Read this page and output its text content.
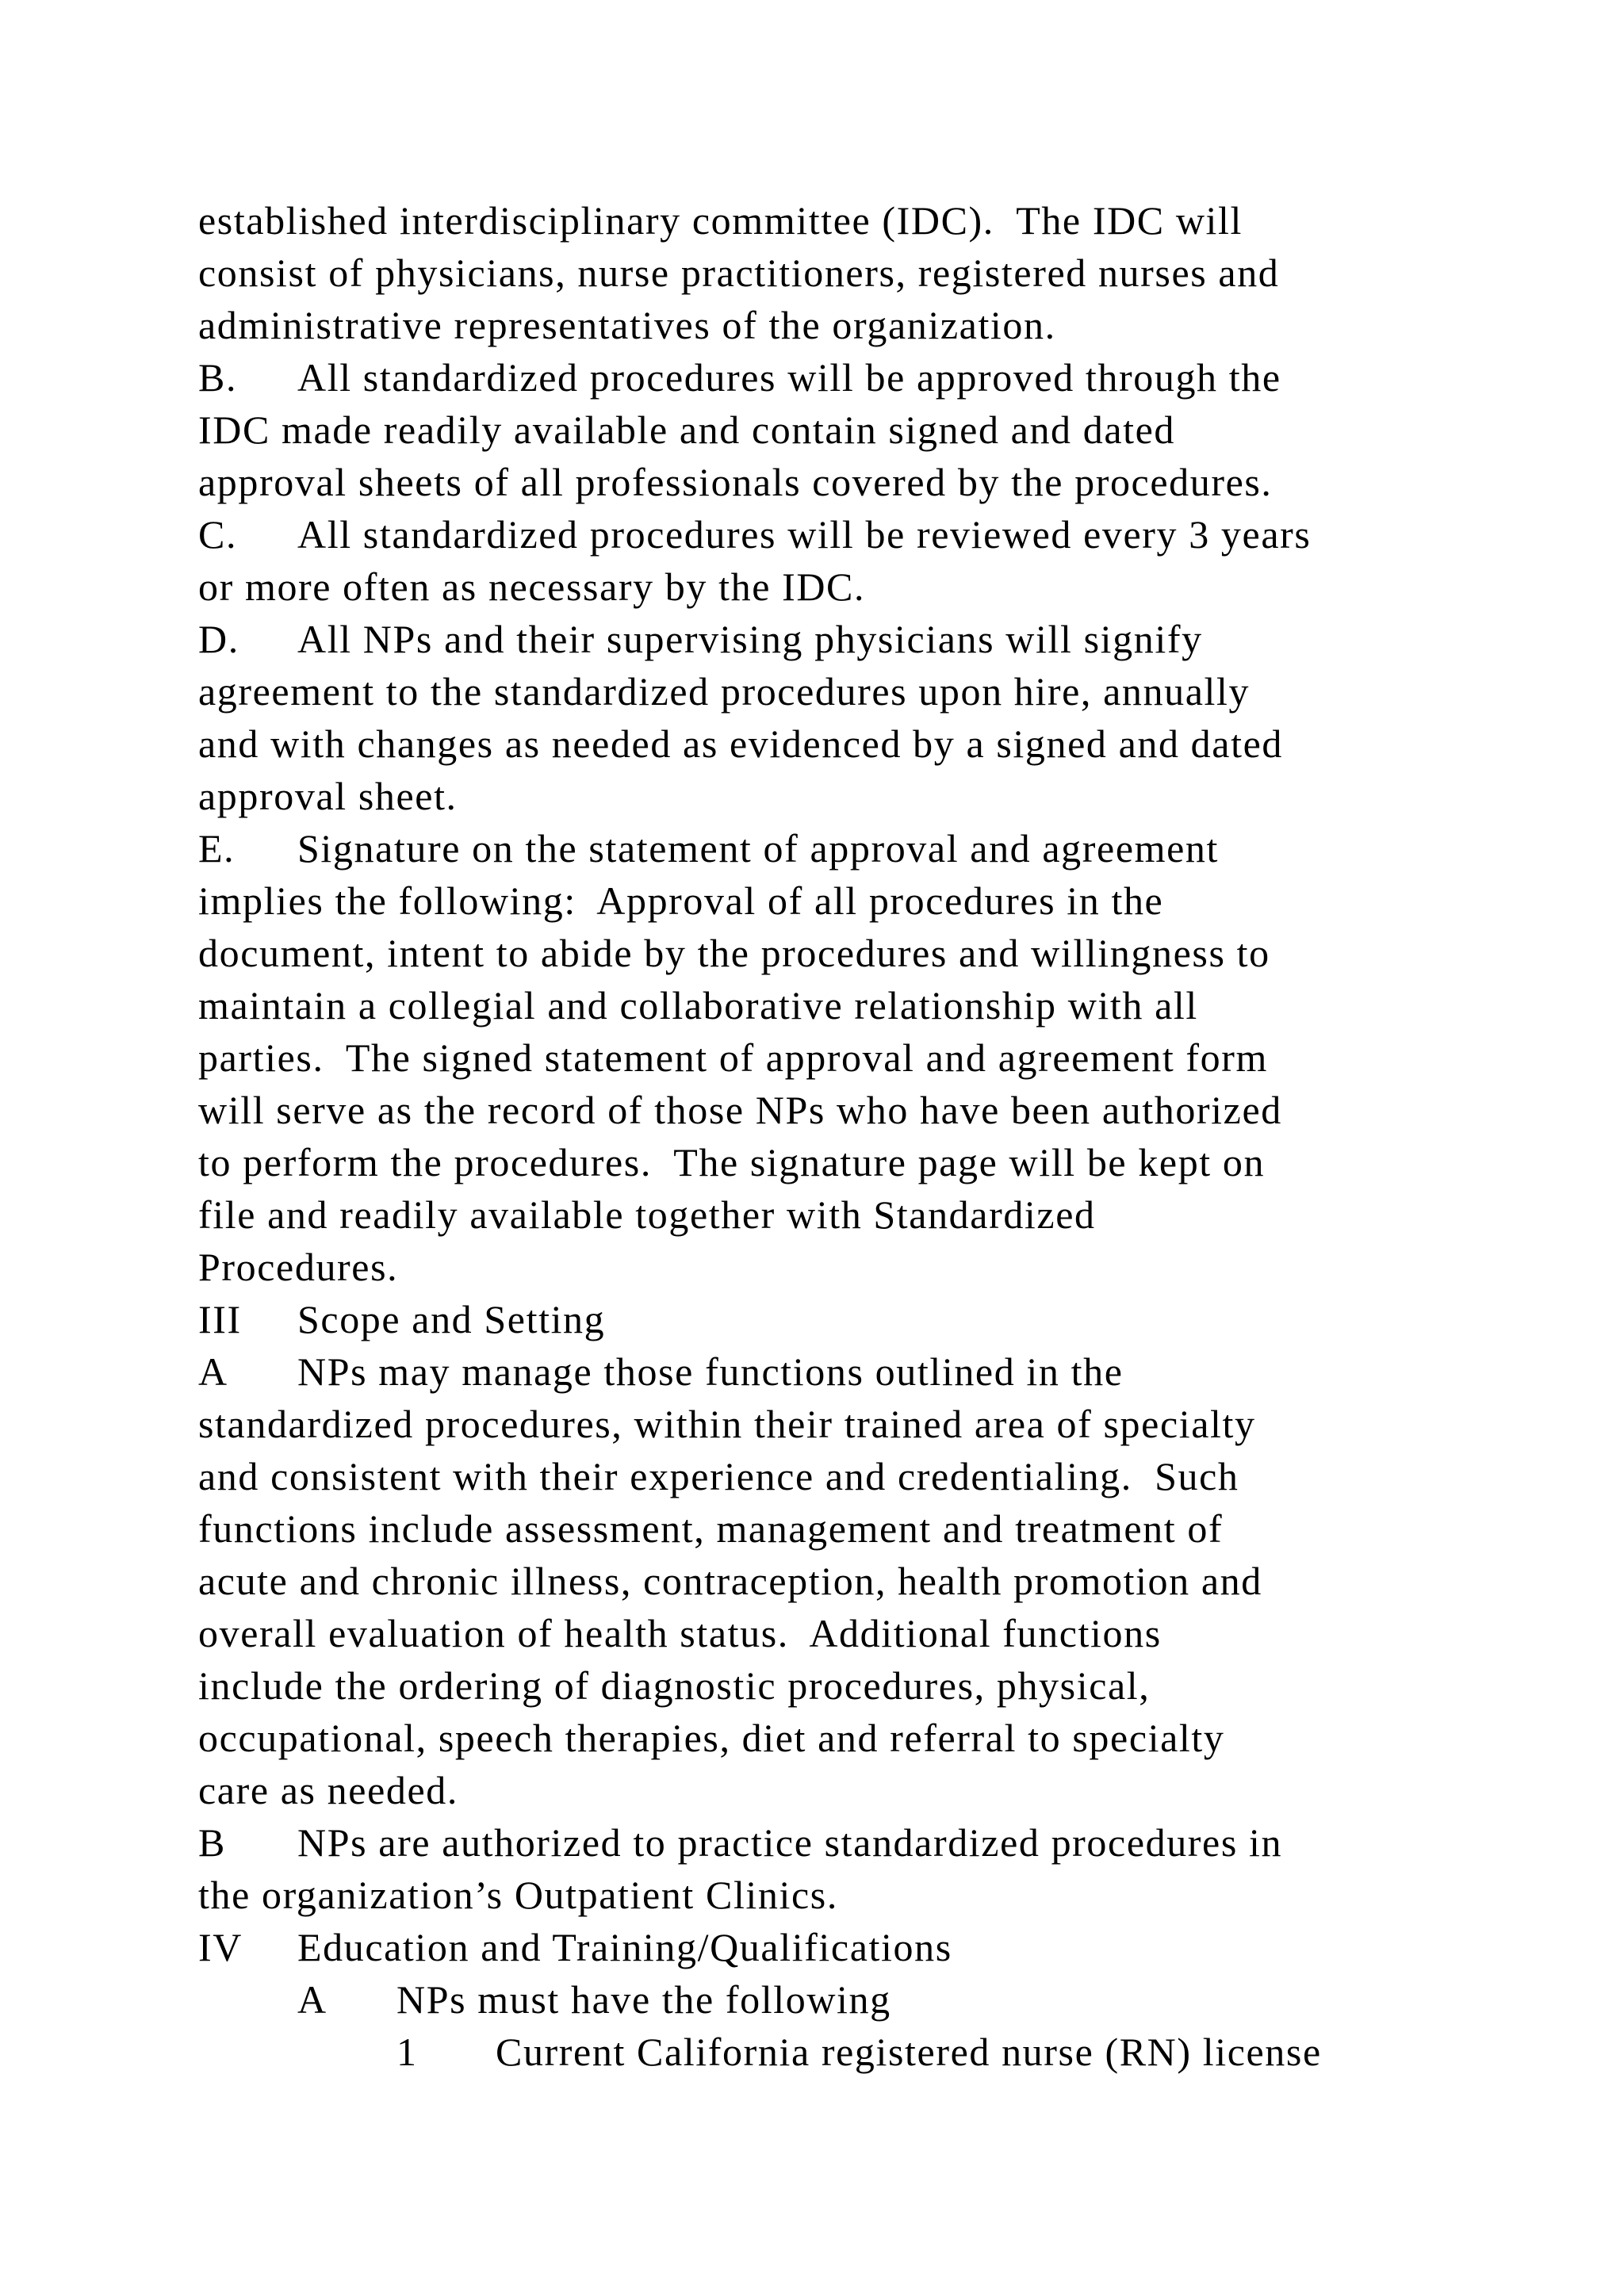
established interdisciplinary committee (IDC).  The IDC will
consist of physicians, nurse practitioners, registered nurses and
administrative representatives of the organization.
B. All standardized procedures will be approved through the
IDC made readily available and contain signed and dated
approval sheets of all professionals covered by the procedures.
C. All standardized procedures will be reviewed every 3 years
or more often as necessary by the IDC.
D. All NPs and their supervising physicians will signify
agreement to the standardized procedures upon hire, annually
and with changes as needed as evidenced by a signed and dated
approval sheet.
E. Signature on the statement of approval and agreement
implies the following:  Approval of all procedures in the
document, intent to abide by the procedures and willingness to
maintain a collegial and collaborative relationship with all
parties.  The signed statement of approval and agreement form
will serve as the record of those NPs who have been authorized
to perform the procedures.  The signature page will be kept on
file and readily available together with Standardized
Procedures.
III Scope and Setting
A NPs may manage those functions outlined in the
standardized procedures, within their trained area of specialty
and consistent with their experience and credentialing.  Such
functions include assessment, management and treatment of
acute and chronic illness, contraception, health promotion and
overall evaluation of health status.  Additional functions
include the ordering of diagnostic procedures, physical,
occupational, speech therapies, diet and referral to specialty
care as needed.
B NPs are authorized to practice standardized procedures in
the organization’s Outpatient Clinics.
IV Education and Training/Qualifications
A NPs must have the following
1 Current California registered nurse (RN) license
